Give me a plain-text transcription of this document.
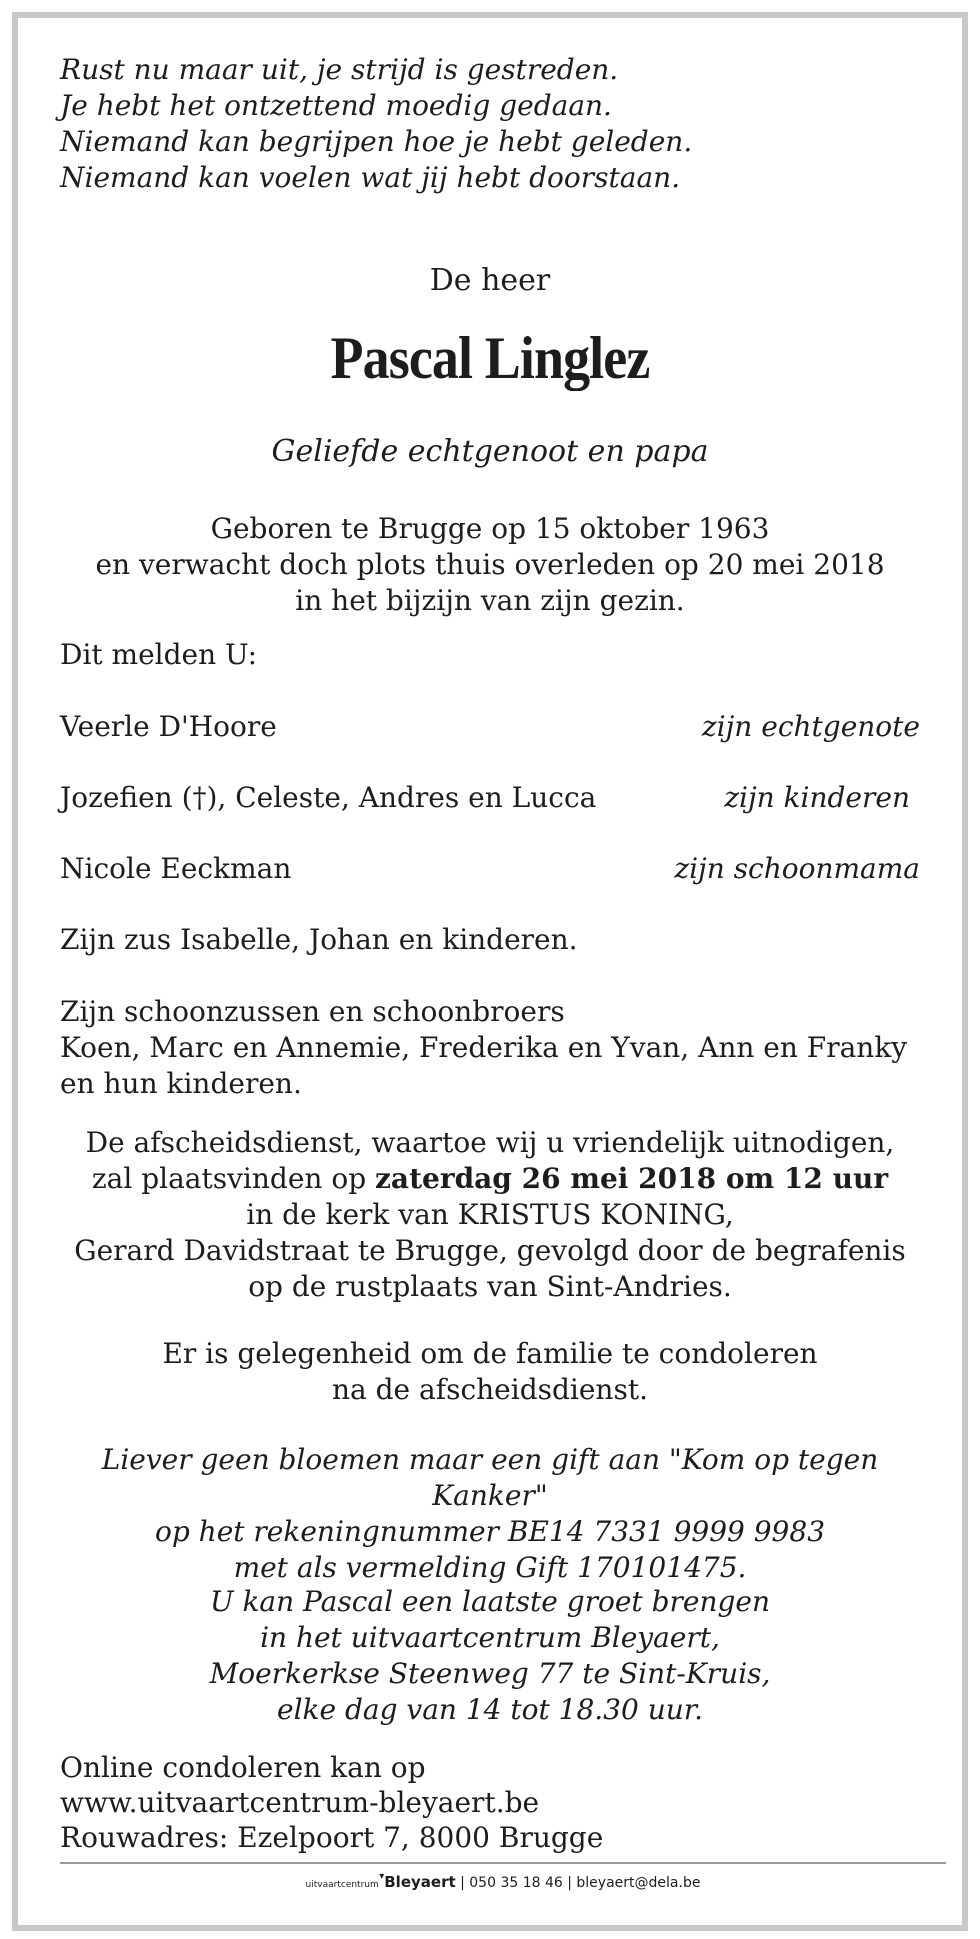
Rust nu maar uit, je strijd is gestreden.
Je hebt het ontzettend moedig gedaan.
Niemand kan begrijpen hoe je hebt geleden.
Niemand kan voelen wat jij hebt doorstaan.
De heer
Pascal Linglez
Geliefde echtgenoot en papa
Geboren te Brugge op 15 oktober 1963
en verwacht doch plots thuis overleden op 20 mei 2018
in het bijzijn van zijn gezin.
Dit melden U:
Veerle D'Hoore	zijn echtgenote
Jozefien (†), Celeste, Andres en Lucca	zijn kinderen
Nicole Eeckman	zijn schoonmama
Zijn zus Isabelle, Johan en kinderen.
Zijn schoonzussen en schoonbroers
Koen, Marc en Annemie, Frederika en Yvan, Ann en Franky
en hun kinderen.
De afscheidsdienst, waartoe wij u vriendelijk uitnodigen,
zal plaatsvinden op zaterdag 26 mei 2018 om 12 uur
in de kerk van KRISTUS KONING,
Gerard Davidstraat te Brugge, gevolgd door de begrafenis
op de rustplaats van Sint-Andries.
Er is gelegenheid om de familie te condoleren
na de afscheidsdienst.
Liever geen bloemen maar een gift aan "Kom op tegen Kanker"
op het rekeningnummer BE14 7331 9999 9983
met als vermelding Gift 170101475.
U kan Pascal een laatste groet brengen
in het uitvaartcentrum Bleyaert,
Moerkerkse Steenweg 77 te Sint-Kruis,
elke dag van 14 tot 18.30 uur.
Online condoleren kan op
www.uitvaartcentrum-bleyaert.be
Rouwadres: Ezelpoort 7, 8000 Brugge
uitvaartcentrum ▾Bleyaert | 050 35 18 46 | bleyaert@dela.be
